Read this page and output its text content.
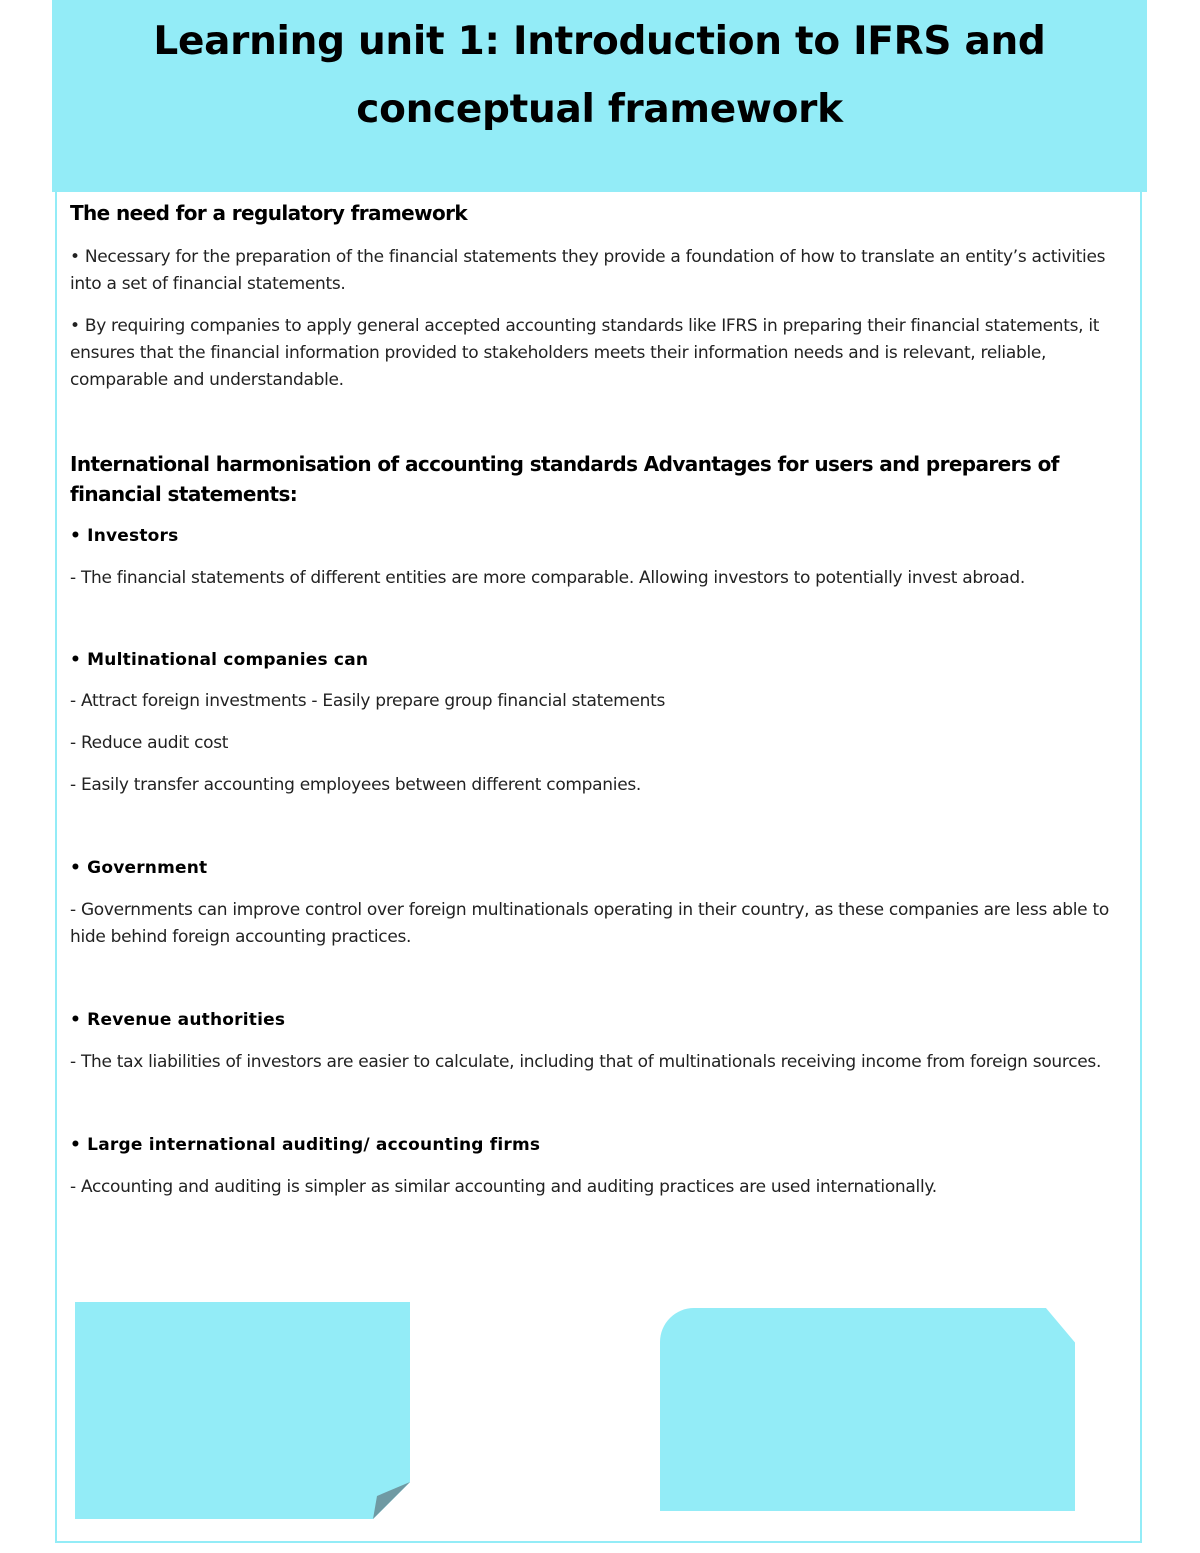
Learning unit 1: Introduction to IFRS and conceptual framework

The need for a regulatory framework

• Necessary for the preparation of the financial statements they provide a foundation of how to translate an entity’s activities into a set of financial statements.

• By requiring companies to apply general accepted accounting standards like IFRS in preparing their financial statements, it ensures that the financial information provided to stakeholders meets their information needs and is relevant, reliable, comparable and understandable.

International harmonisation of accounting standards Advantages for users and preparers of financial statements:

• Investors

- The financial statements of different entities are more comparable. Allowing investors to potentially invest abroad.

• Multinational companies can

- Attract foreign investments - Easily prepare group financial statements

- Reduce audit cost

- Easily transfer accounting employees between different companies.

• Government

- Governments can improve control over foreign multinationals operating in their country, as these companies are less able to hide behind foreign accounting practices.

• Revenue authorities

- The tax liabilities of investors are easier to calculate, including that of multinationals receiving income from foreign sources.

• Large international auditing/ accounting firms

- Accounting and auditing is simpler as similar accounting and auditing practices are used internationally.
